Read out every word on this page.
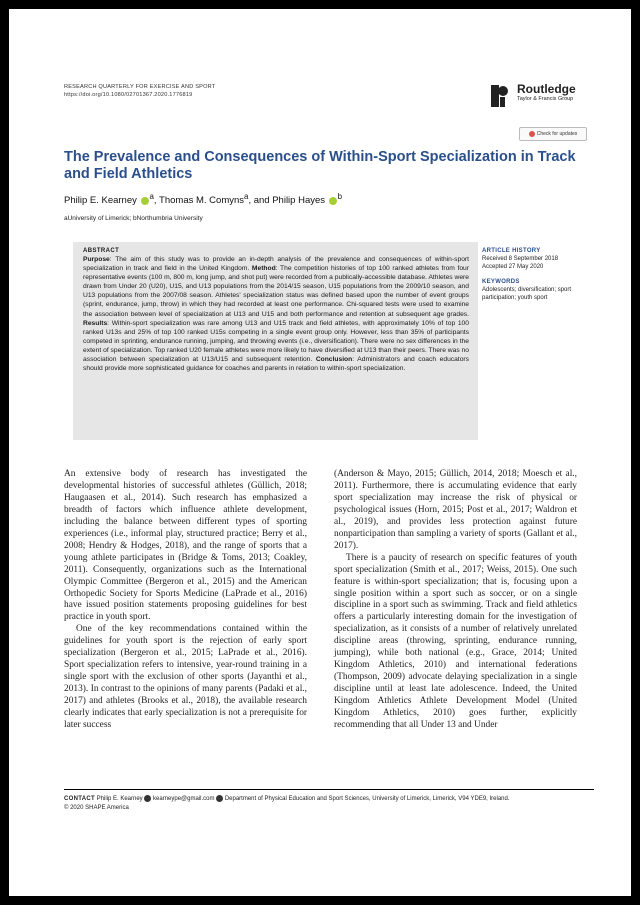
RESEARCH QUARTERLY FOR EXERCISE AND SPORT
https://doi.org/10.1080/02701367.2020.1776819	Routledge
Taylor & Francis Group
Check for updates
The Prevalence and Consequences of Within-Sport Specialization in Track and Field Athletics
Philip E. Kearney $^a$, Thomas M. Comyns$^a$, and Philip Hayes $^b$
aUniversity of Limerick; bNorthumbria University
ABSTRACT
Purpose: The aim of this study was to provide an in-depth analysis of the prevalence and consequences of within-sport specialization in track and field in the United Kingdom. Method: The competition histories of top 100 ranked athletes from four representative events (100 m, 800 m, long jump, and shot put) were recorded from a publically-accessible database. Athletes were drawn from Under 20 (U20), U15, and U13 populations from the 2014/15 season, U15 populations from the 2009/10 season, and U13 populations from the 2007/08 season. Athletes' specialization status was defined based upon the number of event groups (sprint, endurance, jump, throw) in which they had recorded at least one performance. Chi-squared tests were used to examine the association between level of specialization at U13 and U15 and both performance and retention at subsequent age grades. Results: Within-sport specialization was rare among U13 and U15 track and field athletes, with approximately 10% of top 100 ranked U13s and 25% of top 100 ranked U15s competing in a single event group only. However, less than 35% of participants competed in sprinting, endurance running, jumping, and throwing events (i.e., diversification). There were no sex differences in the extent of specialization. Top ranked U20 female athletes were more likely to have diversified at U13 than their peers. There was no association between specialization at U13/U15 and subsequent retention. Conclusion: Administrators and coach educators should provide more sophisticated guidance for coaches and parents in relation to within-sport specialization.
ARTICLE HISTORY
Received 8 September 2018
Accepted 27 May 2020
KEYWORDS
Adolescents; diversification; sport participation; youth sport

An extensive body of research has investigated the developmental histories of successful athletes (Güllich, 2018; Haugaasen et al., 2014). Such research has emphasized a breadth of factors which influence athlete development, including the balance between different types of sporting experiences (i.e., informal play, structured practice; Berry et al., 2008; Hendry & Hodges, 2018), and the range of sports that a young athlete participates in (Bridge & Toms, 2013; Coakley, 2011). Consequently, organizations such as the International Olympic Committee (Bergeron et al., 2015) and the American Orthopedic Society for Sports Medicine (LaPrade et al., 2016) have issued position statements proposing guidelines for best practice in youth sport.

One of the key recommendations contained within the guidelines for youth sport is the rejection of early sport specialization (Bergeron et al., 2015; LaPrade et al., 2016). Sport specialization refers to intensive, year-round training in a single sport with the exclusion of other sports (Jayanthi et al., 2013). In contrast to the opinions of many parents (Padaki et al., 2017) and athletes (Brooks et al., 2018), the available research clearly indicates that early specialization is not a prerequisite for later success

(Anderson & Mayo, 2015; Güllich, 2014, 2018; Moesch et al., 2011). Furthermore, there is accumulating evidence that early sport specialization may increase the risk of physical or psychological issues (Horn, 2015; Post et al., 2017; Waldron et al., 2019), and provides less protection against future nonparticipation than sampling a variety of sports (Gallant et al., 2017).

There is a paucity of research on specific features of youth sport specialization (Smith et al., 2017; Weiss, 2015). One such feature is within-sport specialization; that is, focusing upon a single position within a sport such as soccer, or on a single discipline in a sport such as swimming. Track and field athletics offers a particularly interesting domain for the investigation of specialization, as it consists of a number of relatively unrelated discipline areas (throwing, sprinting, endurance running, jumping), while both national (e.g., Grace, 2014; United Kingdom Athletics, 2010) and international federations (Thompson, 2009) advocate delaying specialization in a single discipline until at least late adolescence. Indeed, the United Kingdom Athletics Athlete Development Model (United Kingdom Athletics, 2010) goes further, explicitly recommending that all Under 13 and Under

CONTACT Philip E. Kearney kearneype@gmail.com Department of Physical Education and Sport Sciences, University of Limerick, Limerick, V94 YDE9, Ireland.
© 2020 SHAPE America
